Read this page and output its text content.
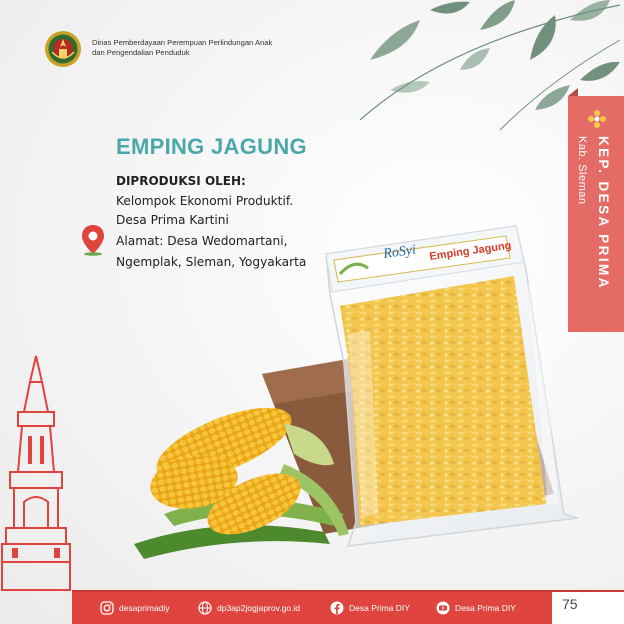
Dinas Pemberdayaan Perempuan Perlindungan Anak
dan Pengendalian Penduduk
EMPING JAGUNG
DIPRODUKSI OLEH:
Kelompok Ekonomi Produktif.
Desa Prima Kartini
Alamat: Desa Wedomartani,
Ngemplak, Sleman, Yogyakarta	KEP. DESA PRIMA
Kab. Sleman
RoSyi Emping Jagung
75
desaprimadiy	dp3ap2jogjaprov.go.id	Desa Prima DIY	Desa Prima DIY
